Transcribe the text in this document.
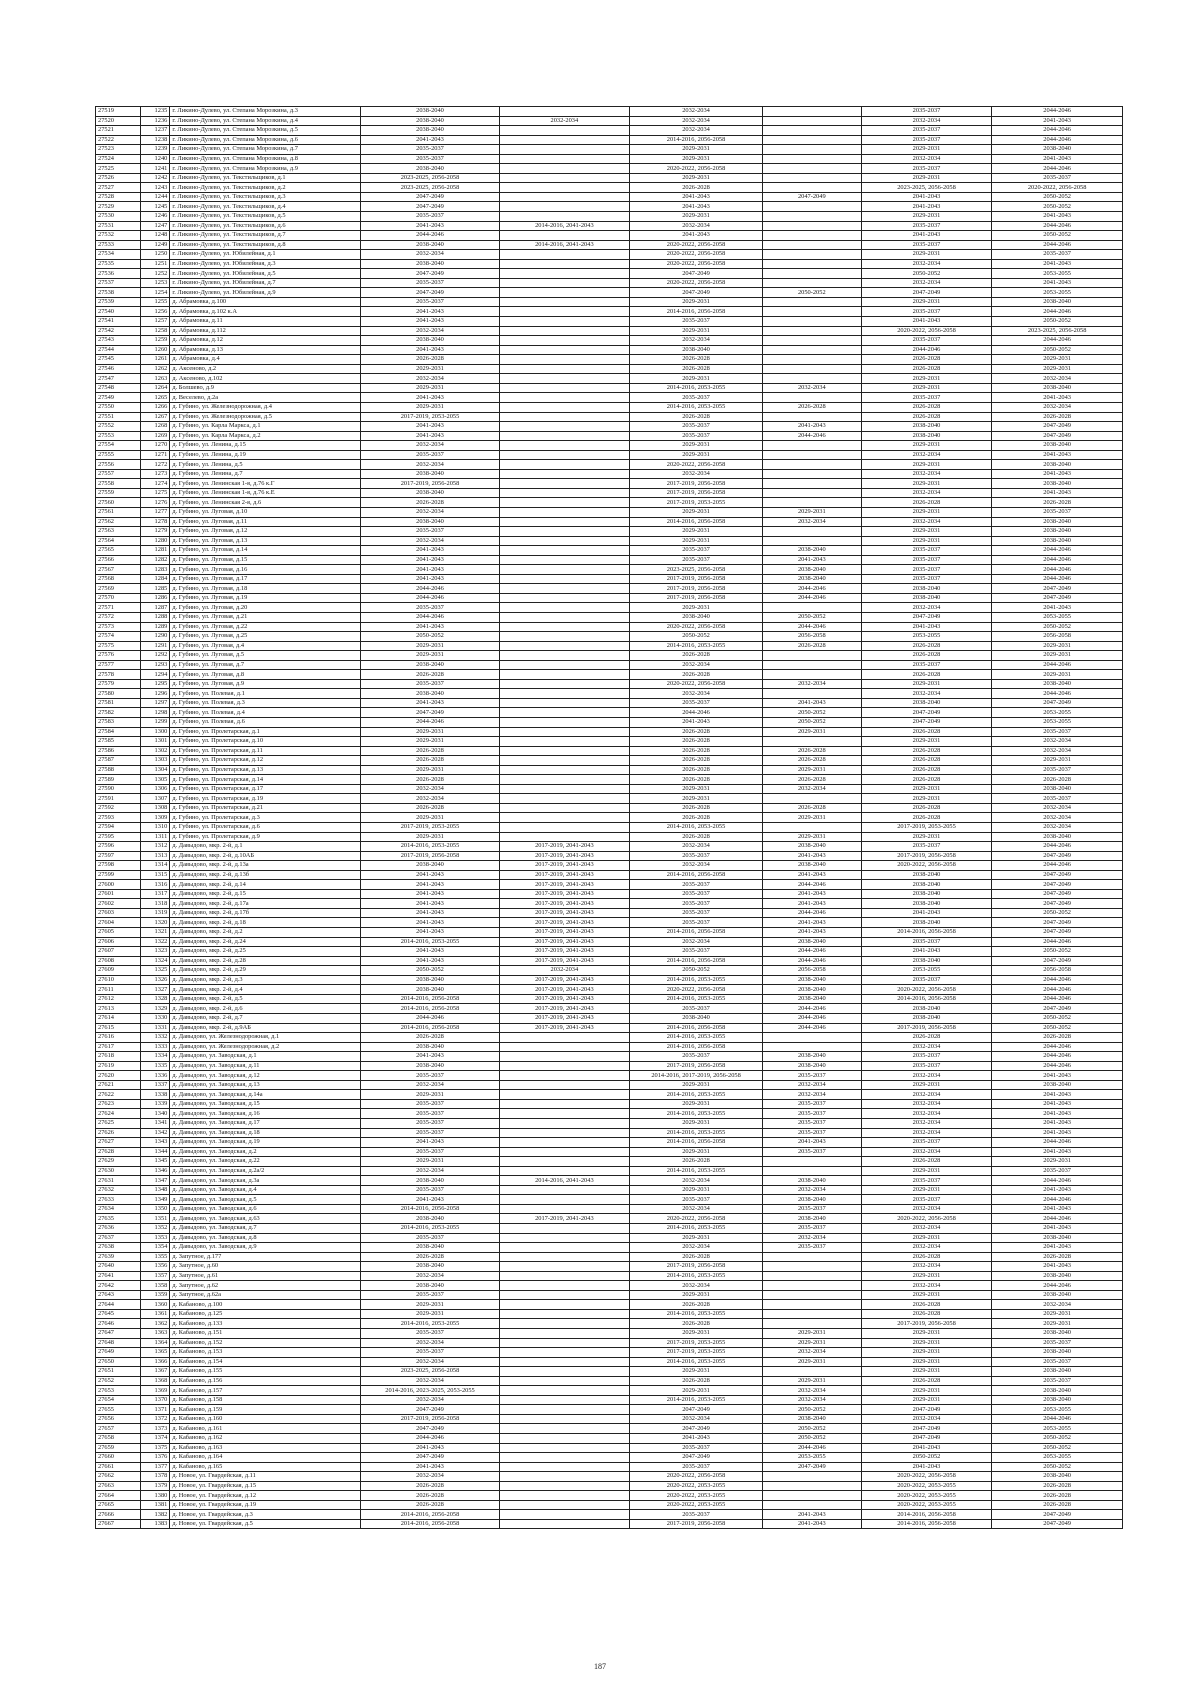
27519	1235	г. Ликино-Дулево, ул. Степана Морозкина, д.3	2038-2040		2032-2034		2035-2037	2044-2046
27520	1236	г. Ликино-Дулево, ул. Степана Морозкина, д.4	2038-2040	2032-2034	2032-2034		2032-2034	2041-2043
27521	1237	г. Ликино-Дулево, ул. Степана Морозкина, д.5	2038-2040		2032-2034		2035-2037	2044-2046
27522	1238	г. Ликино-Дулево, ул. Степана Морозкина, д.6	2041-2043		2014-2016, 2056-2058		2035-2037	2044-2046
27523	1239	г. Ликино-Дулево, ул. Степана Морозкина, д.7	2035-2037		2029-2031		2029-2031	2038-2040
27524	1240	г. Ликино-Дулево, ул. Степана Морозкина, д.8	2035-2037		2029-2031		2032-2034	2041-2043
27525	1241	г. Ликино-Дулево, ул. Степана Морозкина, д.9	2038-2040		2020-2022, 2056-2058		2035-2037	2044-2046
27526	1242	г. Ликино-Дулево, ул. Текстильщиков, д.1	2023-2025, 2056-2058		2029-2031		2029-2031	2035-2037
27527	1243	г. Ликино-Дулево, ул. Текстильщиков, д.2	2023-2025, 2056-2058		2026-2028		2023-2025, 2056-2058	2020-2022, 2056-2058
27528	1244	г. Ликино-Дулево, ул. Текстильщиков, д.3	2047-2049		2041-2043	2047-2049	2041-2043	2050-2052
27529	1245	г. Ликино-Дулево, ул. Текстильщиков, д.4	2047-2049		2041-2043		2041-2043	2050-2052
27530	1246	г. Ликино-Дулево, ул. Текстильщиков, д.5	2035-2037		2029-2031		2029-2031	2041-2043
27531	1247	г. Ликино-Дулево, ул. Текстильщиков, д.6	2041-2043	2014-2016, 2041-2043	2032-2034		2035-2037	2044-2046
27532	1248	г. Ликино-Дулево, ул. Текстильщиков, д.7	2044-2046		2041-2043		2041-2043	2050-2052
27533	1249	г. Ликино-Дулево, ул. Текстильщиков, д.8	2038-2040	2014-2016, 2041-2043	2020-2022, 2056-2058		2035-2037	2044-2046
27534	1250	г. Ликино-Дулево, ул. Юбилейная, д.1	2032-2034		2020-2022, 2056-2058		2029-2031	2035-2037
27535	1251	г. Ликино-Дулево, ул. Юбилейная, д.3	2038-2040		2020-2022, 2056-2058		2032-2034	2041-2043
27536	1252	г. Ликино-Дулево, ул. Юбилейная, д.5	2047-2049		2047-2049		2050-2052	2053-2055
27537	1253	г. Ликино-Дулево, ул. Юбилейная, д.7	2035-2037		2020-2022, 2056-2058		2032-2034	2041-2043
27538	1254	г. Ликино-Дулево, ул. Юбилейная, д.9	2047-2049		2047-2049	2050-2052	2047-2049	2053-2055
27539	1255	д. Абрамовка, д.100	2035-2037		2029-2031		2029-2031	2038-2040
27540	1256	д. Абрамовка, д.102 к.А	2041-2043		2014-2016, 2056-2058		2035-2037	2044-2046
27541	1257	д. Абрамовка, д.11	2041-2043		2035-2037		2041-2043	2050-2052
27542	1258	д. Абрамовка, д.112	2032-2034		2029-2031		2020-2022, 2056-2058	2023-2025, 2056-2058
27543	1259	д. Абрамовка, д.12	2038-2040		2032-2034		2035-2037	2044-2046
27544	1260	д. Абрамовка, д.13	2041-2043		2038-2040		2044-2046	2050-2052
27545	1261	д. Абрамовка, д.4	2026-2028		2026-2028		2026-2028	2029-2031
27546	1262	д. Аксеново, д.2	2029-2031		2026-2028		2026-2028	2029-2031
27547	1263	д. Аксеново, д.102	2032-2034		2029-2031		2029-2031	2032-2034
27548	1264	д. Болшево, д.9	2029-2031		2014-2016, 2053-2055	2032-2034	2029-2031	2038-2040
27549	1265	д. Веселево, д.2а	2041-2043		2035-2037		2035-2037	2041-2043
27550	1266	д. Губино, ул. Железнодорожная, д.4	2029-2031		2014-2016, 2053-2055	2026-2028	2026-2028	2032-2034
27551	1267	д. Губино, ул. Железнодорожная, д.5	2017-2019, 2053-2055		2026-2028		2026-2028	2026-2028
27552	1268	д. Губино, ул. Карла Маркса, д.1	2041-2043		2035-2037	2041-2043	2038-2040	2047-2049
27553	1269	д. Губино, ул. Карла Маркса, д.2	2041-2043		2035-2037	2044-2046	2038-2040	2047-2049
27554	1270	д. Губино, ул. Ленина, д.15	2032-2034		2029-2031		2029-2031	2038-2040
27555	1271	д. Губино, ул. Ленина, д.19	2035-2037		2029-2031		2032-2034	2041-2043
27556	1272	д. Губино, ул. Ленина, д.5	2032-2034		2020-2022, 2056-2058		2029-2031	2038-2040
27557	1273	д. Губино, ул. Ленина, д.7	2038-2040		2032-2034		2032-2034	2041-2043
27558	1274	д. Губино, ул. Ленинская 1-я, д.76 к.Г	2017-2019, 2056-2058		2017-2019, 2056-2058		2029-2031	2038-2040
27559	1275	д. Губино, ул. Ленинская 1-я, д.76 к.Е	2038-2040		2017-2019, 2056-2058		2032-2034	2041-2043
27560	1276	д. Губино, ул. Ленинская 2-я, д.6	2026-2028		2017-2019, 2053-2055		2026-2028	2026-2028
27561	1277	д. Губино, ул. Луговая, д.10	2032-2034		2029-2031	2029-2031	2029-2031	2035-2037
27562	1278	д. Губино, ул. Луговая, д.11	2038-2040		2014-2016, 2056-2058	2032-2034	2032-2034	2038-2040
27563	1279	д. Губино, ул. Луговая, д.12	2035-2037		2029-2031		2029-2031	2038-2040
27564	1280	д. Губино, ул. Луговая, д.13	2032-2034		2029-2031		2029-2031	2038-2040
27565	1281	д. Губино, ул. Луговая, д.14	2041-2043		2035-2037	2038-2040	2035-2037	2044-2046
27566	1282	д. Губино, ул. Луговая, д.15	2041-2043		2035-2037	2041-2043	2035-2037	2044-2046
27567	1283	д. Губино, ул. Луговая, д.16	2041-2043		2023-2025, 2056-2058	2038-2040	2035-2037	2044-2046
27568	1284	д. Губино, ул. Луговая, д.17	2041-2043		2017-2019, 2056-2058	2038-2040	2035-2037	2044-2046
27569	1285	д. Губино, ул. Луговая, д.18	2044-2046		2017-2019, 2056-2058	2044-2046	2038-2040	2047-2049
27570	1286	д. Губино, ул. Луговая, д.19	2044-2046		2017-2019, 2056-2058	2044-2046	2038-2040	2047-2049
27571	1287	д. Губино, ул. Луговая, д.20	2035-2037		2029-2031		2032-2034	2041-2043
27572	1288	д. Губино, ул. Луговая, д.21	2044-2046		2038-2040	2050-2052	2047-2049	2053-2055
27573	1289	д. Губино, ул. Луговая, д.22	2041-2043		2020-2022, 2056-2058	2044-2046	2041-2043	2050-2052
27574	1290	д. Губино, ул. Луговая, д.25	2050-2052		2050-2052	2056-2058	2053-2055	2056-2058
27575	1291	д. Губино, ул. Луговая, д.4	2029-2031		2014-2016, 2053-2055	2026-2028	2026-2028	2029-2031
27576	1292	д. Губино, ул. Луговая, д.5	2029-2031		2026-2028		2026-2028	2029-2031
27577	1293	д. Губино, ул. Луговая, д.7	2038-2040		2032-2034		2035-2037	2044-2046
27578	1294	д. Губино, ул. Луговая, д.8	2026-2028		2026-2028		2026-2028	2029-2031
27579	1295	д. Губино, ул. Луговая, д.9	2035-2037		2020-2022, 2056-2058	2032-2034	2029-2031	2038-2040
27580	1296	д. Губино, ул. Полевая, д.1	2038-2040		2032-2034		2032-2034	2044-2046
27581	1297	д. Губино, ул. Полевая, д.3	2041-2043		2035-2037	2041-2043	2038-2040	2047-2049
27582	1298	д. Губино, ул. Полевая, д.4	2047-2049		2044-2046	2050-2052	2047-2049	2053-2055
27583	1299	д. Губино, ул. Полевая, д.6	2044-2046		2041-2043	2050-2052	2047-2049	2053-2055
27584	1300	д. Губино, ул. Пролетарская, д.1	2029-2031		2026-2028	2029-2031	2026-2028	2035-2037
27585	1301	д. Губино, ул. Пролетарская, д.10	2029-2031		2026-2028		2029-2031	2032-2034
27586	1302	д. Губино, ул. Пролетарская, д.11	2026-2028		2026-2028	2026-2028	2026-2028	2032-2034
27587	1303	д. Губино, ул. Пролетарская, д.12	2026-2028		2026-2028	2026-2028	2026-2028	2029-2031
27588	1304	д. Губино, ул. Пролетарская, д.13	2029-2031		2026-2028	2029-2031	2026-2028	2035-2037
27589	1305	д. Губино, ул. Пролетарская, д.14	2026-2028		2026-2028	2026-2028	2026-2028	2026-2028
27590	1306	д. Губино, ул. Пролетарская, д.17	2032-2034		2029-2031	2032-2034	2029-2031	2038-2040
27591	1307	д. Губино, ул. Пролетарская, д.19	2032-2034		2029-2031		2029-2031	2035-2037
27592	1308	д. Губино, ул. Пролетарская, д.21	2026-2028		2026-2028	2026-2028	2026-2028	2032-2034
27593	1309	д. Губино, ул. Пролетарская, д.3	2029-2031		2026-2028	2029-2031	2026-2028	2032-2034
27594	1310	д. Губино, ул. Пролетарская, д.6	2017-2019, 2053-2055		2014-2016, 2053-2055		2017-2019, 2053-2055	2032-2034
27595	1311	д. Губино, ул. Пролетарская, д.9	2029-2031		2026-2028	2029-2031	2029-2031	2038-2040
27596	1312	д. Давыдово, мкр. 2-й, д.1	2014-2016, 2053-2055	2017-2019, 2041-2043	2032-2034	2038-2040	2035-2037	2044-2046
27597	1313	д. Давыдово, мкр. 2-й, д.10АБ	2017-2019, 2056-2058	2017-2019, 2041-2043	2035-2037	2041-2043	2017-2019, 2056-2058	2047-2049
27598	1314	д. Давыдово, мкр. 2-й, д.13а	2038-2040	2017-2019, 2041-2043	2032-2034	2038-2040	2020-2022, 2056-2058	2044-2046
27599	1315	д. Давыдово, мкр. 2-й, д.13б	2041-2043	2017-2019, 2041-2043	2014-2016, 2056-2058	2041-2043	2038-2040	2047-2049
27600	1316	д. Давыдово, мкр. 2-й, д.14	2041-2043	2017-2019, 2041-2043	2035-2037	2044-2046	2038-2040	2047-2049
27601	1317	д. Давыдово, мкр. 2-й, д.15	2041-2043	2017-2019, 2041-2043	2035-2037	2041-2043	2038-2040	2047-2049
27602	1318	д. Давыдово, мкр. 2-й, д.17а	2041-2043	2017-2019, 2041-2043	2035-2037	2041-2043	2038-2040	2047-2049
27603	1319	д. Давыдово, мкр. 2-й, д.17б	2041-2043	2017-2019, 2041-2043	2035-2037	2044-2046	2041-2043	2050-2052
27604	1320	д. Давыдово, мкр. 2-й, д.18	2041-2043	2017-2019, 2041-2043	2035-2037	2041-2043	2038-2040	2047-2049
27605	1321	д. Давыдово, мкр. 2-й, д.2	2041-2043	2017-2019, 2041-2043	2014-2016, 2056-2058	2041-2043	2014-2016, 2056-2058	2047-2049
27606	1322	д. Давыдово, мкр. 2-й, д.24	2014-2016, 2053-2055	2017-2019, 2041-2043	2032-2034	2038-2040	2035-2037	2044-2046
27607	1323	д. Давыдово, мкр. 2-й, д.25	2041-2043	2017-2019, 2041-2043	2035-2037	2044-2046	2041-2043	2050-2052
27608	1324	д. Давыдово, мкр. 2-й, д.28	2041-2043	2017-2019, 2041-2043	2014-2016, 2056-2058	2044-2046	2038-2040	2047-2049
27609	1325	д. Давыдово, мкр. 2-й, д.29	2050-2052	2032-2034	2050-2052	2056-2058	2053-2055	2056-2058
27610	1326	д. Давыдово, мкр. 2-й, д.3	2038-2040	2017-2019, 2041-2043	2014-2016, 2053-2055	2038-2040	2035-2037	2044-2046
27611	1327	д. Давыдово, мкр. 2-й, д.4	2038-2040	2017-2019, 2041-2043	2020-2022, 2056-2058	2038-2040	2020-2022, 2056-2058	2044-2046
27612	1328	д. Давыдово, мкр. 2-й, д.5	2014-2016, 2056-2058	2017-2019, 2041-2043	2014-2016, 2053-2055	2038-2040	2014-2016, 2056-2058	2044-2046
27613	1329	д. Давыдово, мкр. 2-й, д.6	2014-2016, 2056-2058	2017-2019, 2041-2043	2035-2037	2044-2046	2038-2040	2047-2049
27614	1330	д. Давыдово, мкр. 2-й, д.7	2044-2046	2017-2019, 2041-2043	2038-2040	2044-2046	2038-2040	2050-2052
27615	1331	д. Давыдово, мкр. 2-й, д.9АБ	2014-2016, 2056-2058	2017-2019, 2041-2043	2014-2016, 2056-2058	2044-2046	2017-2019, 2056-2058	2050-2052
27616	1332	д. Давыдово, ул. Железнодорожная, д.1	2026-2028		2014-2016, 2053-2055		2026-2028	2026-2028
27617	1333	д. Давыдово, ул. Железнодорожная, д.2	2038-2040		2014-2016, 2056-2058		2032-2034	2044-2046
27618	1334	д. Давыдово, ул. Заводская, д.1	2041-2043		2035-2037	2038-2040	2035-2037	2044-2046
27619	1335	д. Давыдово, ул. Заводская, д.11	2038-2040		2017-2019, 2056-2058	2038-2040	2035-2037	2044-2046
27620	1336	д. Давыдово, ул. Заводская, д.12	2035-2037		2014-2016, 2017-2019, 2056-2058	2035-2037	2032-2034	2041-2043
27621	1337	д. Давыдово, ул. Заводская, д.13	2032-2034		2029-2031	2032-2034	2029-2031	2038-2040
27622	1338	д. Давыдово, ул. Заводская, д.14а	2029-2031		2014-2016, 2053-2055	2032-2034	2032-2034	2041-2043
27623	1339	д. Давыдово, ул. Заводская, д.15	2035-2037		2029-2031	2035-2037	2032-2034	2041-2043
27624	1340	д. Давыдово, ул. Заводская, д.16	2035-2037		2014-2016, 2053-2055	2035-2037	2032-2034	2041-2043
27625	1341	д. Давыдово, ул. Заводская, д.17	2035-2037		2029-2031	2035-2037	2032-2034	2041-2043
27626	1342	д. Давыдово, ул. Заводская, д.18	2035-2037		2014-2016, 2053-2055	2035-2037	2032-2034	2041-2043
27627	1343	д. Давыдово, ул. Заводская, д.19	2041-2043		2014-2016, 2056-2058	2041-2043	2035-2037	2044-2046
27628	1344	д. Давыдово, ул. Заводская, д.2	2035-2037		2029-2031	2035-2037	2032-2034	2041-2043
27629	1345	д. Давыдово, ул. Заводская, д.22	2029-2031		2026-2028		2026-2028	2029-2031
27630	1346	д. Давыдово, ул. Заводская, д.2а/2	2032-2034		2014-2016, 2053-2055		2029-2031	2035-2037
27631	1347	д. Давыдово, ул. Заводская, д.3а	2038-2040	2014-2016, 2041-2043	2032-2034	2038-2040	2035-2037	2044-2046
27632	1348	д. Давыдово, ул. Заводская, д.4	2035-2037		2029-2031	2032-2034	2029-2031	2041-2043
27633	1349	д. Давыдово, ул. Заводская, д.5	2041-2043		2035-2037	2038-2040	2035-2037	2044-2046
27634	1350	д. Давыдово, ул. Заводская, д.6	2014-2016, 2056-2058		2032-2034	2035-2037	2032-2034	2041-2043
27635	1351	д. Давыдово, ул. Заводская, д.63	2038-2040	2017-2019, 2041-2043	2020-2022, 2056-2058	2038-2040	2020-2022, 2056-2058	2044-2046
27636	1352	д. Давыдово, ул. Заводская, д.7	2014-2016, 2053-2055		2014-2016, 2053-2055	2035-2037	2032-2034	2041-2043
27637	1353	д. Давыдово, ул. Заводская, д.8	2035-2037		2029-2031	2032-2034	2029-2031	2038-2040
27638	1354	д. Давыдово, ул. Заводская, д.9	2038-2040		2032-2034	2035-2037	2032-2034	2041-2043
27639	1355	д. Запутное, д.177	2026-2028		2026-2028		2026-2028	2026-2028
27640	1356	д. Запутное, д.60	2038-2040		2017-2019, 2056-2058		2032-2034	2041-2043
27641	1357	д. Запутное, д.61	2032-2034		2014-2016, 2053-2055		2029-2031	2038-2040
27642	1358	д. Запутное, д.62	2038-2040		2032-2034		2032-2034	2044-2046
27643	1359	д. Запутное, д.62а	2035-2037		2029-2031		2029-2031	2038-2040
27644	1360	д. Кабаново, д.100	2029-2031		2026-2028		2026-2028	2032-2034
27645	1361	д. Кабаново, д.125	2029-2031		2014-2016, 2053-2055		2026-2028	2029-2031
27646	1362	д. Кабаново, д.133	2014-2016, 2053-2055		2026-2028		2017-2019, 2056-2058	2029-2031
27647	1363	д. Кабаново, д.151	2035-2037		2029-2031	2029-2031	2029-2031	2038-2040
27648	1364	д. Кабаново, д.152	2032-2034		2017-2019, 2053-2055	2029-2031	2029-2031	2035-2037
27649	1365	д. Кабаново, д.153	2035-2037		2017-2019, 2053-2055	2032-2034	2029-2031	2038-2040
27650	1366	д. Кабаново, д.154	2032-2034		2014-2016, 2053-2055	2029-2031	2029-2031	2035-2037
27651	1367	д. Кабаново, д.155	2023-2025, 2056-2058		2029-2031		2029-2031	2038-2040
27652	1368	д. Кабаново, д.156	2032-2034		2026-2028	2029-2031	2026-2028	2035-2037
27653	1369	д. Кабаново, д.157	2014-2016, 2023-2025, 2053-2055		2029-2031	2032-2034	2029-2031	2038-2040
27654	1370	д. Кабаново, д.158	2032-2034		2014-2016, 2053-2055	2032-2034	2029-2031	2038-2040
27655	1371	д. Кабаново, д.159	2047-2049		2047-2049	2050-2052	2047-2049	2053-2055
27656	1372	д. Кабаново, д.160	2017-2019, 2056-2058		2032-2034	2038-2040	2032-2034	2044-2046
27657	1373	д. Кабаново, д.161	2047-2049		2047-2049	2050-2052	2047-2049	2053-2055
27658	1374	д. Кабаново, д.162	2044-2046		2041-2043	2050-2052	2047-2049	2050-2052
27659	1375	д. Кабаново, д.163	2041-2043		2035-2037	2044-2046	2041-2043	2050-2052
27660	1376	д. Кабаново, д.164	2047-2049		2047-2049	2053-2055	2050-2052	2053-2055
27661	1377	д. Кабаново, д.165	2041-2043		2035-2037	2047-2049	2041-2043	2050-2052
27662	1378	д. Новое, ул. Гвардейская, д.11	2032-2034		2020-2022, 2056-2058		2020-2022, 2056-2058	2038-2040
27663	1379	д. Новое, ул. Гвардейская, д.15	2026-2028		2020-2022, 2053-2055		2020-2022, 2053-2055	2026-2028
27664	1380	д. Новое, ул. Гвардейская, д.12	2026-2028		2020-2022, 2053-2055		2020-2022, 2053-2055	2026-2028
27665	1381	д. Новое, ул. Гвардейская, д.19	2026-2028		2020-2022, 2053-2055		2020-2022, 2053-2055	2026-2028
27666	1382	д. Новое, ул. Гвардейская, д.3	2014-2016, 2056-2058		2035-2037	2041-2043	2014-2016, 2056-2058	2047-2049
27667	1383	д. Новое, ул. Гвардейская, д.5	2014-2016, 2056-2058		2017-2019, 2056-2058	2041-2043	2014-2016, 2056-2058	2047-2049
187
